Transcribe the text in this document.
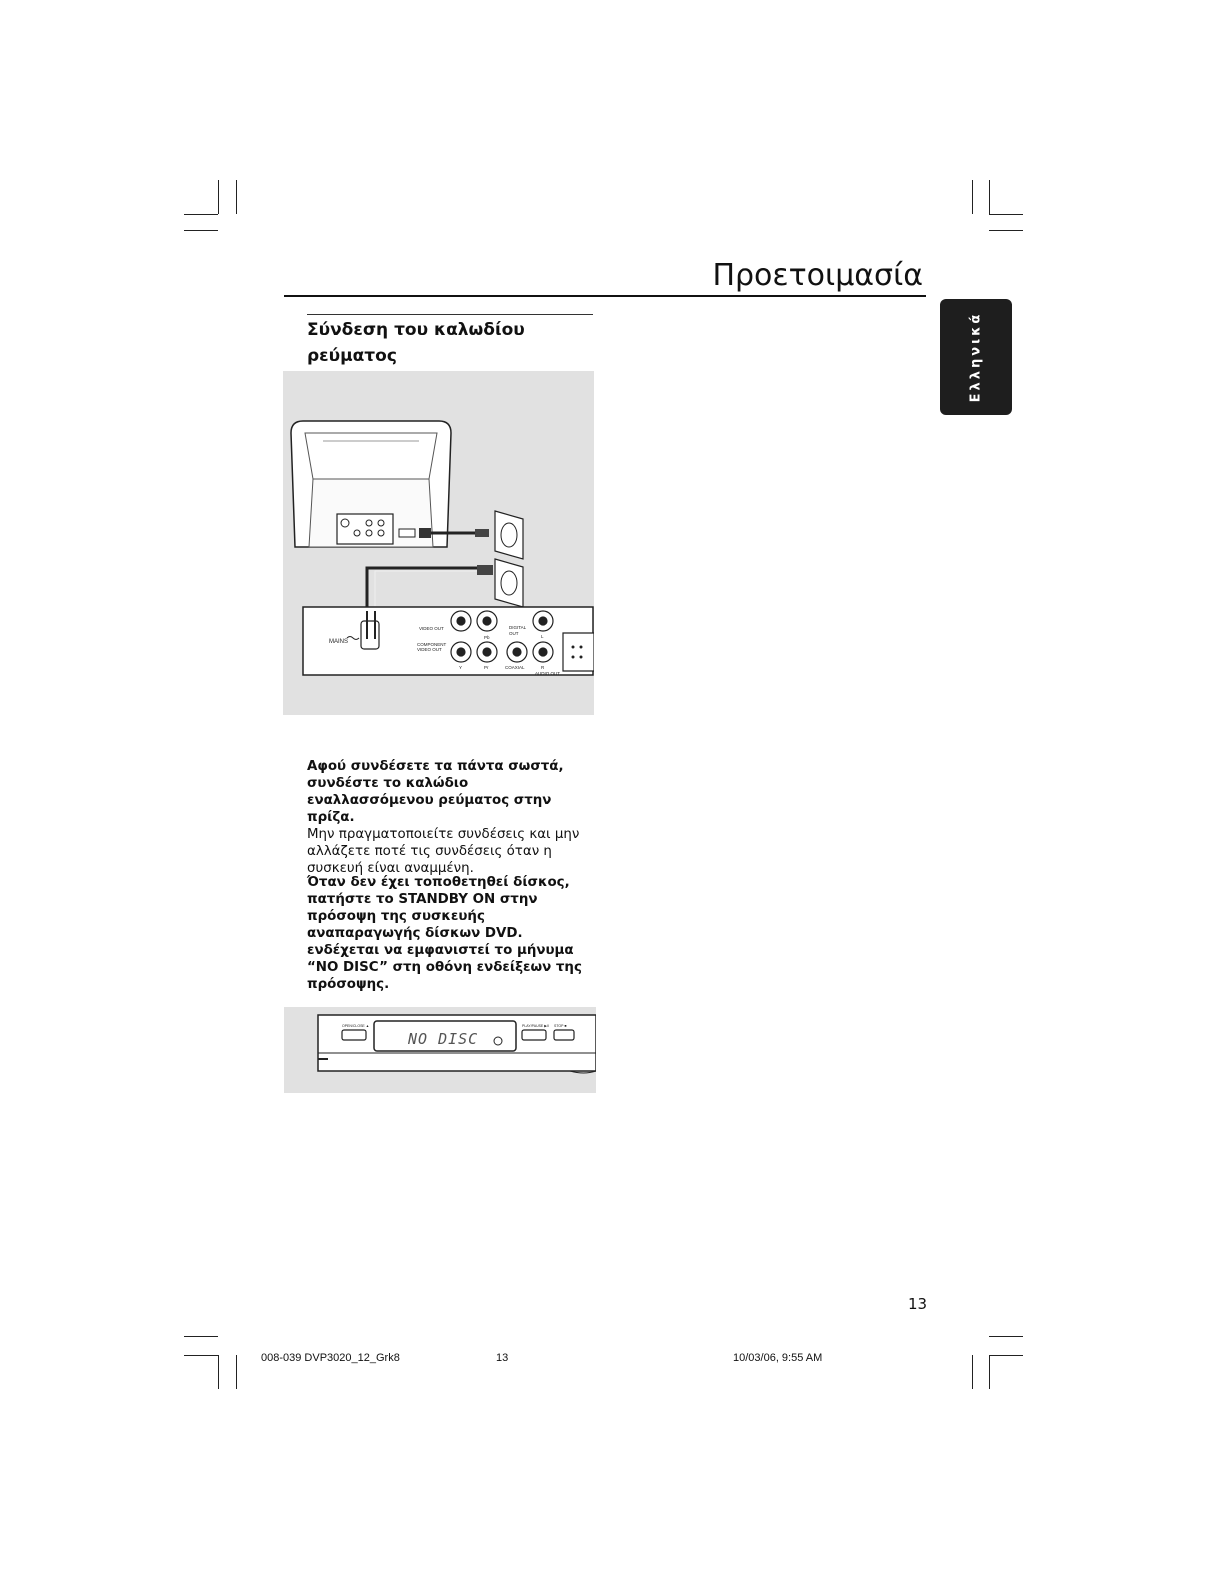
Προετοιμασία
Ελληνικά
Σύνδεση του καλωδίου
ρεύματος
MAINS
VIDEO OUT
Pb
DIGITAL
OUT
L
COMPONENT
VIDEO OUT
Y	Pr	COAXIAL	R
AUDIO OUT
Αφού συνδέσετε τα πάντα σωστά, συνδέστε το καλώδιο εναλλασσόμενου ρεύματος στην πρίζα.
Μην πραγματοποιείτε συνδέσεις και μην αλλάζετε ποτέ τις συνδέσεις όταν η συσκευή είναι αναμμένη.
Όταν δεν έχει τοποθετηθεί δίσκος, πατήστε το STANDBY ON στην πρόσοψη της συσκευής αναπαραγωγής δίσκων DVD.
ενδέχεται να εμφανιστεί το μήνυμα “NO DISC” στη οθόνη ενδείξεων της πρόσοψης.
OPEN/CLOSE ▲
NO DISC
PLAY/PAUSE ▶II STOP ■
13
008-039 DVP3020_12_Grk8	13	10/03/06, 9:55 AM
